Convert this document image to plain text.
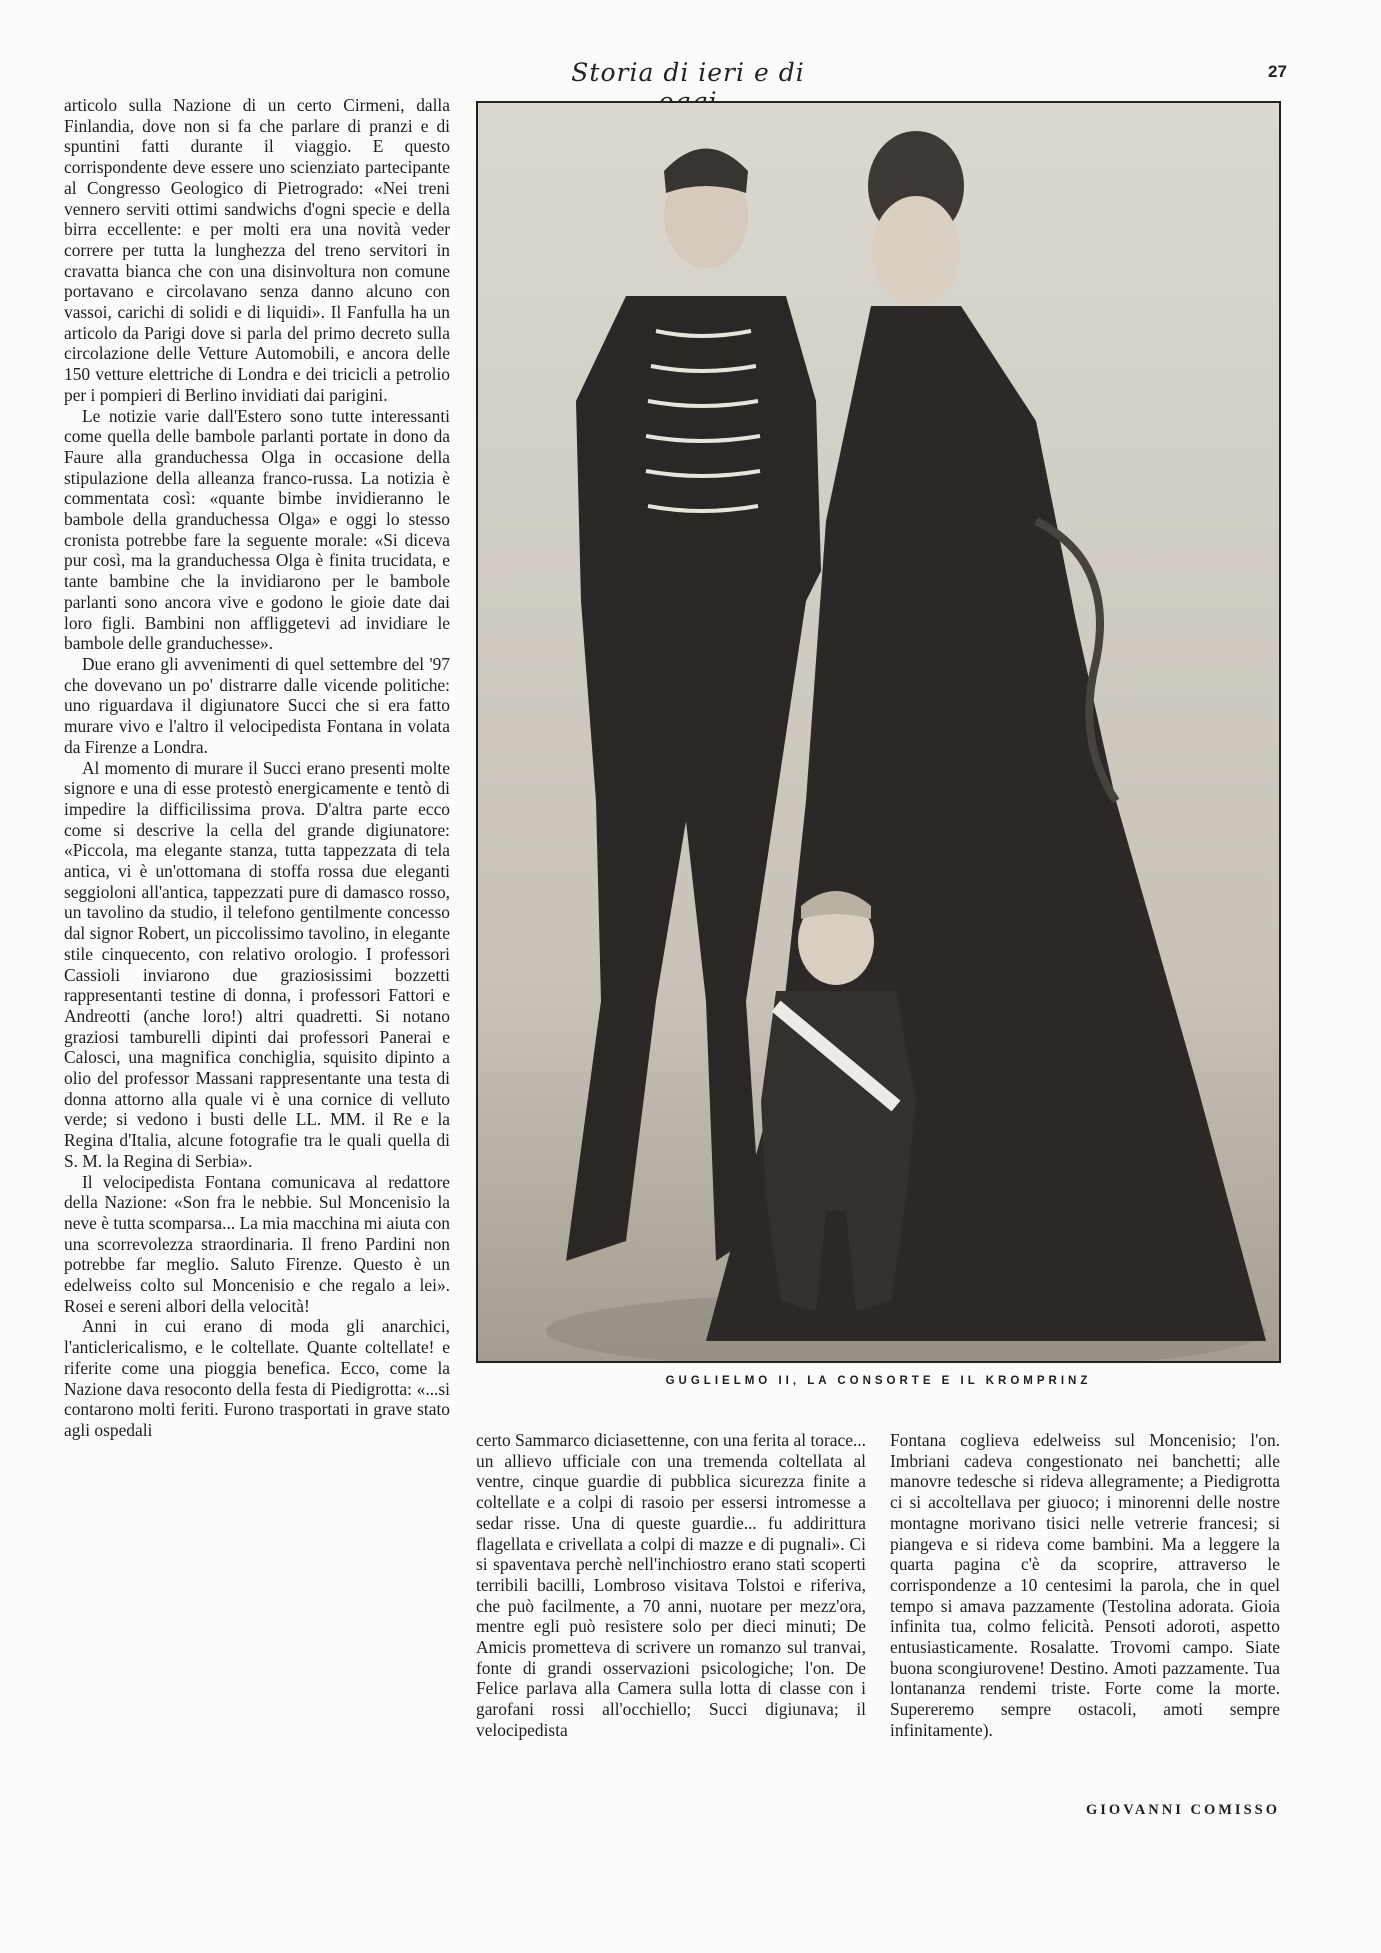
Storia di ieri e di	27

articolo sulla Nazione di un certo Cirmeni, dalla Finlandia, dove non si fa che parlare di pranzi e di spuntini fatti durante il viaggio. E questo corrispondente deve essere uno scienziato partecipante al Congresso Geologico di Pietrogrado: «Nei treni vennero serviti ottimi sandwichs d'ogni specie e della birra eccellente: e per molti era una novità veder correre per tutta la lunghezza del treno servitori in cravatta bianca che con una disinvoltura non comune portavano e circolavano senza danno alcuno con vassoi, carichi di solidi e di liquidi». Il Fanfulla ha un articolo da Parigi dove si parla del primo decreto sulla circolazione delle Vetture Automobili, e ancora delle 150 vetture elettriche di Londra e dei tricicli a petrolio per i pompieri di Berlino invidiati dai parigini.

Le notizie varie dall'Estero sono tutte interessanti come quella delle bambole parlanti portate in dono da Faure alla granduchessa Olga in occasione della stipulazione della alleanza franco-russa. La notizia è commentata così: «quante bimbe invidieranno le bambole della granduchessa Olga» e oggi lo stesso cronista potrebbe fare la seguente morale: «Si diceva pur così, ma la granduchessa Olga è finita trucidata, e tante bambine che la invidiarono per le bambole parlanti sono ancora vive e godono le gioie date dai loro figli. Bambini non affliggetevi ad invidiare le bambole delle granduchesse».

Due erano gli avvenimenti di quel settembre del '97 che dovevano un po' distrarre dalle vicende politiche: uno riguardava il digiunatore Succi che si era fatto murare vivo e l'altro il velocipedista Fontana in volata da Firenze a Londra.

Al momento di murare il Succi erano presenti molte signore e una di esse protestò energicamente e tentò di impedire la difficilissima prova. D'altra parte ecco come si descrive la cella del grande digiunatore: «Piccola, ma elegante stanza, tutta tappezzata di tela antica, vi è un'ottomana di stoffa rossa due eleganti seggioloni all'antica, tappezzati pure di damasco rosso, un tavolino da studio, il telefono gentilmente concesso dal signor Robert, un piccolissimo tavolino, in elegante stile cinquecento, con relativo orologio. I professori Cassioli inviarono due graziosissimi bozzetti rappresentanti testine di donna, i professori Fattori e Andreotti (anche loro!) altri quadretti. Si notano graziosi tamburelli dipinti dai professori Panerai e Calosci, una magnifica conchiglia, squisito dipinto a olio del professor Massani rappresentante una testa di donna attorno alla quale vi è una cornice di velluto verde; si vedono i busti delle LL. MM. il Re e la Regina d'Italia, alcune fotografie tra le quali quella di S. M. la Regina di Serbia».

Il velocipedista Fontana comunicava al redattore della Nazione: «Son fra le nebbie. Sul Moncenisio la neve è tutta scomparsa... La mia macchina mi aiuta con una scorrevolezza straordinaria. Il freno Pardini non potrebbe far meglio. Saluto Firenze. Questo è un edelweiss colto sul Moncenisio e che regalo a lei». Rosei e sereni albori della velocità!

Anni in cui erano di moda gli anarchici, l'anticlericalismo, e le coltellate. Quante coltellate! e riferite come una pioggia benefica. Ecco, come la Nazione dava resoconto della festa di Piedigrotta: «...si contarono molti feriti. Furono trasportati in grave stato agli ospedali

GUGLIELMO II, LA CONSORTE E IL KROMPRINZ

certo Sammarco diciasettenne, con una ferita al torace... un allievo ufficiale con una tremenda coltellata al ventre, cinque guardie di pubblica sicurezza finite a coltellate e a colpi di rasoio per essersi intromesse a sedar risse. Una di queste guardie... fu addirittura flagellata e crivellata a colpi di mazze e di pugnali». Ci si spaventava perchè nell'inchiostro erano stati scoperti terribili bacilli, Lombroso visitava Tolstoi e riferiva, che può facilmente, a 70 anni, nuotare per mezz'ora, mentre egli può resistere solo per dieci minuti; De Amicis prometteva di scrivere un romanzo sul tranvai, fonte di grandi osservazioni psicologiche; l'on. De Felice parlava alla Camera sulla lotta di classe con i garofani rossi all'occhiello; Succi digiunava; il velocipedista

Fontana coglieva edelweiss sul Moncenisio; l'on. Imbriani cadeva congestionato nei banchetti; alle manovre tedesche si rideva allegramente; a Piedigrotta ci si accoltellava per giuoco; i minorenni delle nostre montagne morivano tisici nelle vetrerie francesi; si piangeva e si rideva come bambini. Ma a leggere la quarta pagina c'è da scoprire, attraverso le corrispondenze a 10 centesimi la parola, che in quel tempo si amava pazzamente (Testolina adorata. Gioia infinita tua, colmo felicità. Pensoti adoroti, aspetto entusiasticamente. Rosalatte. Trovomi campo. Siate buona scongiurovene! Destino. Amoti pazzamente. Tua lontananza rendemi triste. Forte come la morte. Supereremo sempre ostacoli, amoti sempre infinitamente).

GIOVANNI COMISSO
